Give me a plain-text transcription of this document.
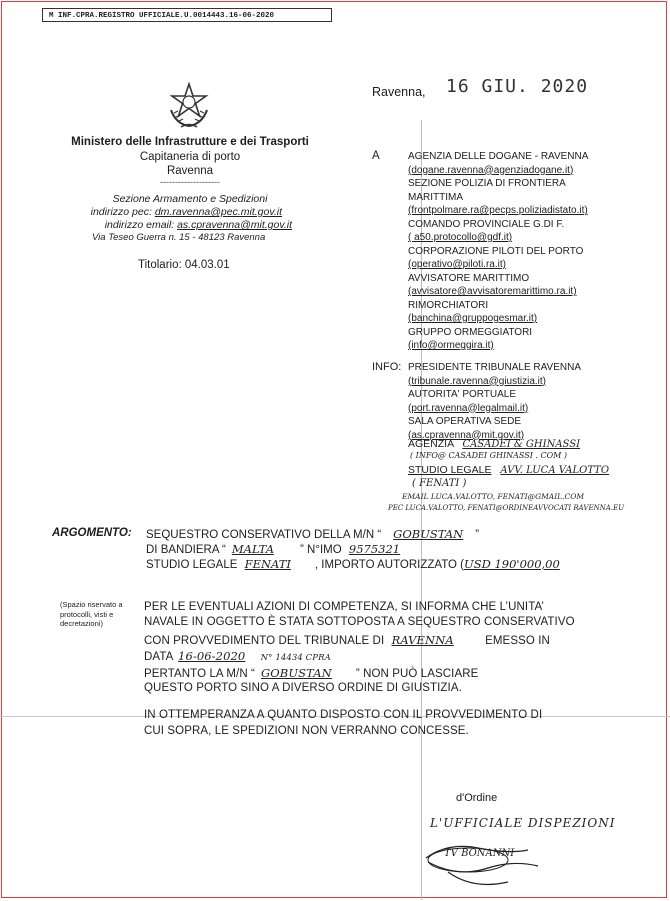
M INF.CPRA.REGISTRO UFFICIALE.U.0014443.16-06-2020
Ministero delle Infrastrutture e dei Trasporti
Capitaneria di porto
Ravenna
--------------------
Sezione Armamento e Spedizioni
indirizzo pec: dm.ravenna@pec.mit.gov.it
indirizzo email: as.cpravenna@mit.gov.it
Via Teseo Guerra n. 15 - 48123 Ravenna
Titolario: 04.03.01
Ravenna, 16 GIU. 2020
A	AGENZIA DELLE DOGANE - RAVENNA
(dogane.ravenna@agenziadogane.it)
SEZIONE POLIZIA DI FRONTIERA
MARITTIMA
(frontpolmare.ra@pecps.poliziadistato.it)
COMANDO PROVINCIALE G.DI F.
( a50.protocollo@gdf.it)
CORPORAZIONE PILOTI DEL PORTO
(operativo@piloti.ra.it)
AVVISATORE MARITTIMO
(avvisatore@avvisatoremarittimo.ra.it)
RIMORCHIATORI
(banchina@gruppogesmar.it)
GRUPPO ORMEGGIATORI
(info@ormeggira.it)
INFO: PRESIDENTE TRIBUNALE RAVENNA
(tribunale.ravenna@giustizia.it)
AUTORITA' PORTUALE
(port.ravenna@legalmail.it)
SALA OPERATIVA SEDE
(as.cpravenna@mit.gov.it)
AGENZIA CASADEI & GHINASSI
( INFO@ CASADEI GHINASSI . COM )
STUDIO LEGALE AVV. LUCA VALOTTO
( FENATI )
EMAIL LUCA.VALOTTO, FENATI@GMAIL.COM
PEC LUCA.VALOTTO, FENATI@ORDINEAVVOCATI RAVENNA.EU
ARGOMENTO: SEQUESTRO CONSERVATIVO DELLA M/N “ GOBUSTAN ”
DI BANDIERA “ MALTA ” N°IMO 9575321
STUDIO LEGALE FENATI , IMPORTO AUTORIZZATO (USD 190'000,00
(Spazio riservato a protocolli, visti e decretazioni)
PER LE EVENTUALI AZIONI DI COMPETENZA, SI INFORMA CHE L’UNITA’
NAVALE IN OGGETTO È STATA SOTTOPOSTA A SEQUESTRO CONSERVATIVO
CON PROVVEDIMENTO DEL TRIBUNALE DI RAVENNA	EMESSO IN
DATA 16-06-2020 N° 14434 CPRA
PERTANTO LA M/N “ GOBUSTAN ” NON PUÒ LASCIARE
QUESTO PORTO SINO A DIVERSO ORDINE DI GIUSTIZIA.
IN OTTEMPERANZA A QUANTO DISPOSTO CON IL PROVVEDIMENTO DI
CUI SOPRA, LE SPEDIZIONI NON VERRANNO CONCESSE.
d'Ordine
L'UFFICIALE DISPEZIONI
TV BONANNI
